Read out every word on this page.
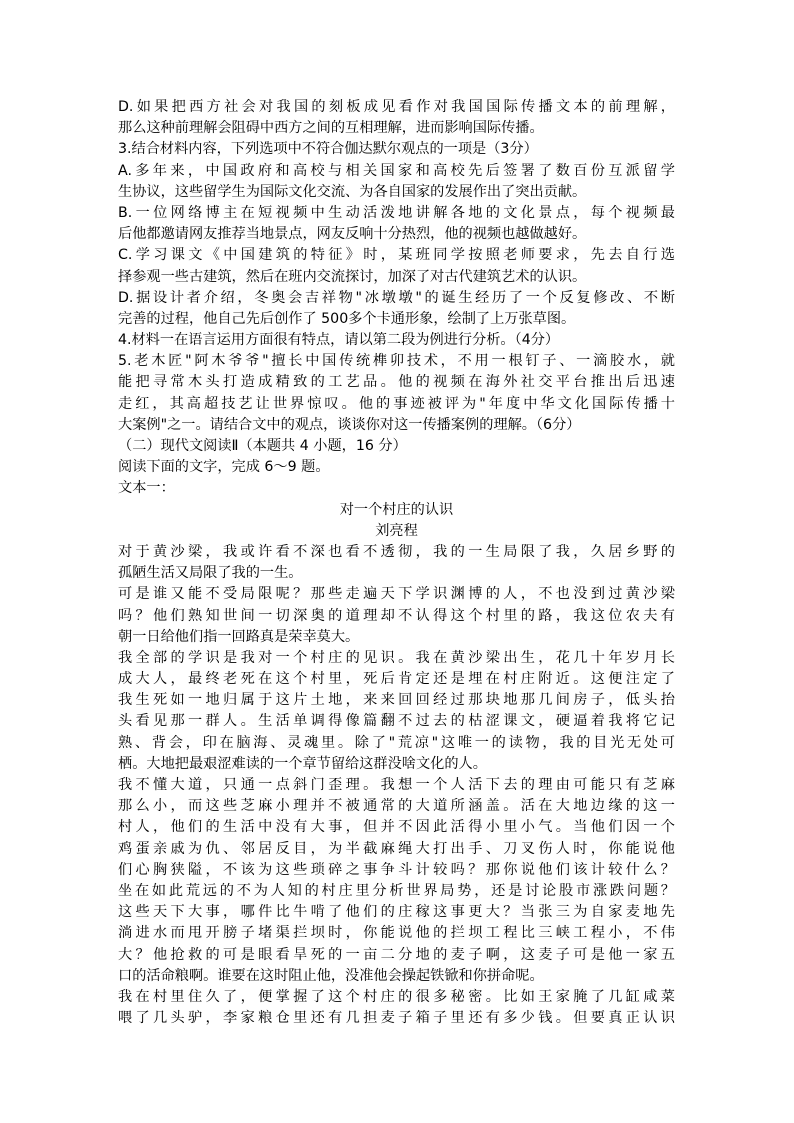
D.如果把西方社会对我国的刻板成见看作对我国国际传播文本的前理解，
那么这种前理解会阻碍中西方之间的互相理解，进而影响国际传播。
3.结合材料内容，下列选项中不符合伽达默尔观点的一项是（3分）
A.多年来，中国政府和高校与相关国家和高校先后签署了数百份互派留学
生协议，这些留学生为国际文化交流、为各自国家的发展作出了突出贡献。
B.一位网络博主在短视频中生动活泼地讲解各地的文化景点，每个视频最
后他都邀请网友推荐当地景点，网友反响十分热烈，他的视频也越做越好。
C.学习课文《中国建筑的特征》时，某班同学按照老师要求，先去自行选
择参观一些古建筑，然后在班内交流探讨，加深了对古代建筑艺术的认识。
D.据设计者介绍，冬奥会吉祥物"冰墩墩"的诞生经历了一个反复修改、不断
完善的过程，他自己先后创作了 500多个卡通形象，绘制了上万张草图。
4.材料一在语言运用方面很有特点，请以第二段为例进行分析。（4分）
5.老木匠"阿木爷爷"擅长中国传统榫卯技术，不用一根钉子、一滴胶水，就
能把寻常木头打造成精致的工艺品。他的视频在海外社交平台推出后迅速
走红，其高超技艺让世界惊叹。他的事迹被评为"年度中华文化国际传播十
大案例"之一。请结合文中的观点，谈谈你对这一传播案例的理解。（6分）
（二）现代文阅读Ⅱ（本题共 4 小题，16 分）
阅读下面的文字，完成 6～9 题。
文本一：
对一个村庄的认识
刘亮程
对于黄沙梁，我或许看不深也看不透彻，我的一生局限了我，久居乡野的
孤陋生活又局限了我的一生。
可是谁又能不受局限呢？那些走遍天下学识渊博的人，不也没到过黄沙梁
吗？他们熟知世间一切深奥的道理却不认得这个村里的路，我这位农夫有
朝一日给他们指一回路真是荣幸莫大。
我全部的学识是我对一个村庄的见识。我在黄沙梁出生，花几十年岁月长
成大人，最终老死在这个村里，死后肯定还是埋在村庄附近。这便注定了
我生死如一地归属于这片土地，来来回回经过那块地那几间房子，低头抬
头看见那一群人。生活单调得像篇翻不过去的枯涩课文，硬逼着我将它记
熟、背会，印在脑海、灵魂里。除了"荒凉"这唯一的读物，我的目光无处可
栖。大地把最艰涩难读的一个章节留给这群没啥文化的人。
我不懂大道，只通一点斜门歪理。我想一个人活下去的理由可能只有芝麻
那么小，而这些芝麻小理并不被通常的大道所涵盖。活在大地边缘的这一
村人，他们的生活中没有大事，但并不因此活得小里小气。当他们因一个
鸡蛋亲戚为仇、邻居反目，为半截麻绳大打出手、刀叉伤人时，你能说他
们心胸狭隘，不该为这些琐碎之事争斗计较吗？那你说他们该计较什么？
坐在如此荒远的不为人知的村庄里分析世界局势，还是讨论股市涨跌问题？
这些天下大事，哪件比牛啃了他们的庄稼这事更大？当张三为自家麦地先
淌进水而甩开膀子堵渠拦坝时，你能说他的拦坝工程比三峡工程小，不伟
大？他抢救的可是眼看旱死的一亩二分地的麦子啊，这麦子可是他一家五
口的活命粮啊。谁要在这时阻止他，没准他会操起铁锨和你拼命呢。
我在村里住久了，便掌握了这个村庄的很多秘密。比如王家腌了几缸咸菜
喂了几头驴，李家粮仓里还有几担麦子箱子里还有多少钱。但要真正认识
